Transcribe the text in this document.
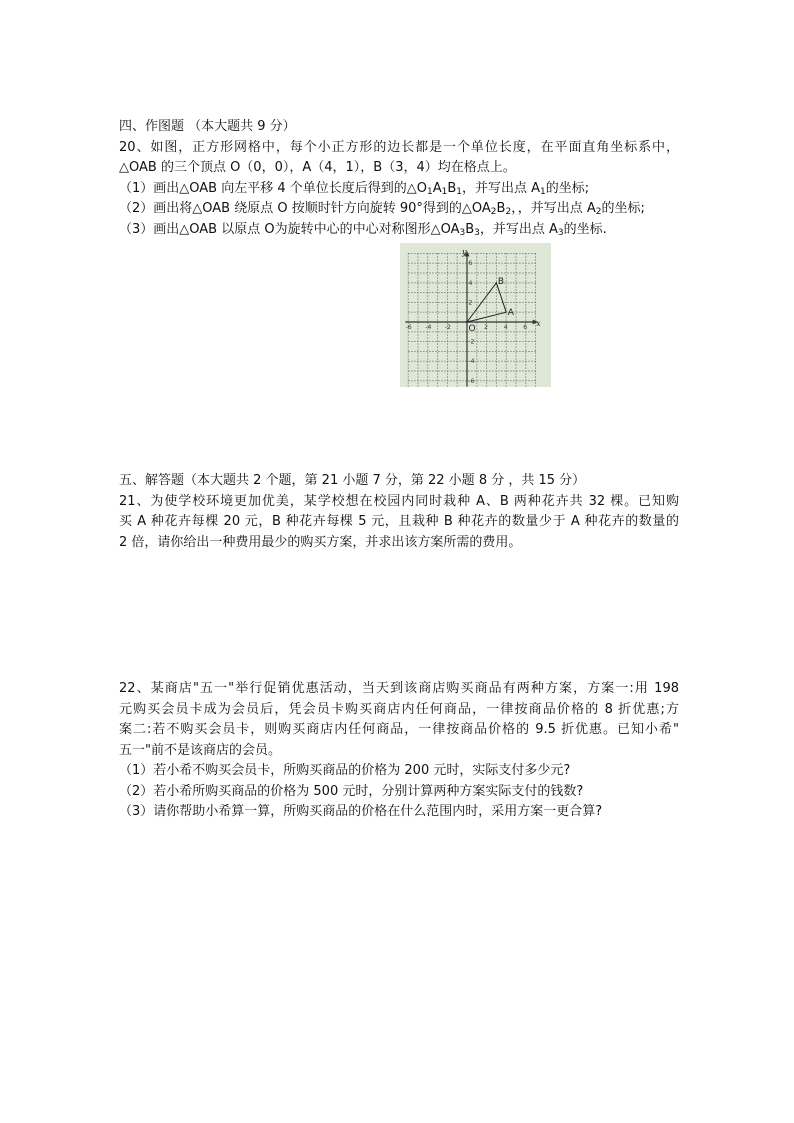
四、作图题 （本大题共 9 分）
20、如图，正方形网格中，每个小正方形的边长都是一个单位长度，在平面直角坐标系中，
△OAB 的三个顶点 O（0，0），A（4，1），B（3，4）均在格点上。
（1）画出△OAB 向左平移 4 个单位长度后得到的$\triangle O_1A_1B_1$，并写出点 $A_1$的坐标;
（2）画出将△OAB 绕原点 O 按顺时针方向旋转 90°得到的$\triangle OA_2B_2$，，并写出点 $A_2$的坐标;
（3）画出△OAB 以原点 O为旋转中心的中心对称图形$\triangle OA_3B_3$，并写出点 $A_3$的坐标.
-6 -4 -2	2	4	6
6
4
2
-2
-4
-6
x
y
O
B
A
五、解答题（本大题共 2 个题，第 21 小题 7 分，第 22 小题 8 分 ，共 15 分）
21、为使学校环境更加优美，某学校想在校园内同时栽种 A、B 两种花卉共 32 棵。已知购
买 A 种花卉每棵 20 元，B 种花卉每棵 5 元，且栽种 B 种花卉的数量少于 A 种花卉的数量的
2 倍，请你给出一种费用最少的购买方案，并求出该方案所需的费用。
22、某商店"五一"举行促销优惠活动，当天到该商店购买商品有两种方案，方案一:用 198
元购买会员卡成为会员后，凭会员卡购买商店内任何商品，一律按商品价格的 8 折优惠;方
案二:若不购买会员卡，则购买商店内任何商品，一律按商品价格的 9.5 折优惠。已知小希"
五一"前不是该商店的会员。
（1）若小希不购买会员卡，所购买商品的价格为 200 元时，实际支付多少元?
（2）若小希所购买商品的价格为 500 元时，分别计算两种方案实际支付的钱数?
（3）请你帮助小希算一算，所购买商品的价格在什么范围内时，采用方案一更合算?
